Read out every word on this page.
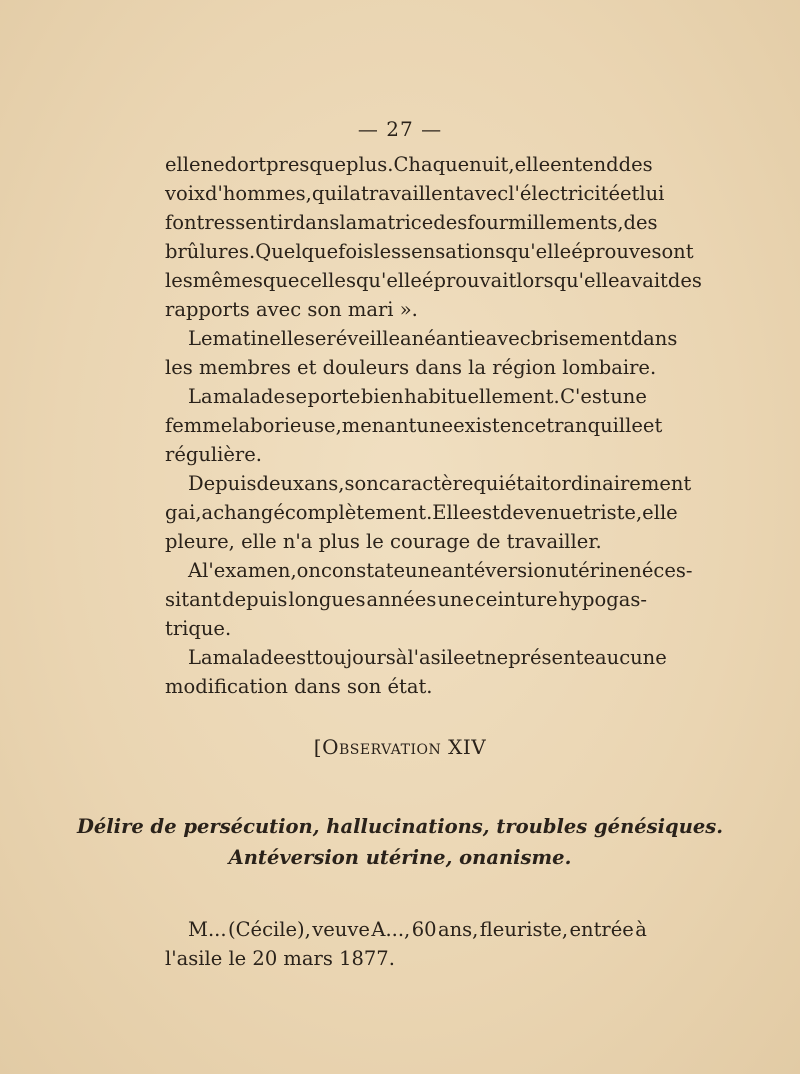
— 27 —
elle ne dort presque plus. Chaque nuit, elle entend des
voix d'hommes, qui la travaillent avec l'électricité et lui
font ressentir dans la matrice des fourmillements, des
brûlures. Quelquefois les sensations qu'elle éprouve sont
les mêmes que celles qu'elle éprouvait lorsqu'elle avait des
rapports avec son mari ».
Le matin elle se réveille anéantie avec brisement dans
les membres et douleurs dans la région lombaire.
La malade se porte bien habituellement. C'est une
femme laborieuse, menant une existence tranquille et
régulière.
Depuis deux ans, son caractère qui était ordinairement
gai, a changé complètement. Elle est devenue triste, elle
pleure, elle n'a plus le courage de travailler.
A l'examen, on constate une antéversion utérine néces-
sitant depuis longues années une ceinture hypogas-
trique.
La malade est toujours à l'asile et ne présente aucune
modification dans son état.
[Observation XIV
Délire de persécution, hallucinations, troubles génésiques.
Antéversion utérine, onanisme.
M... (Cécile), veuve A..., 60 ans, fleuriste, entrée à
l'asile le 20 mars 1877.
